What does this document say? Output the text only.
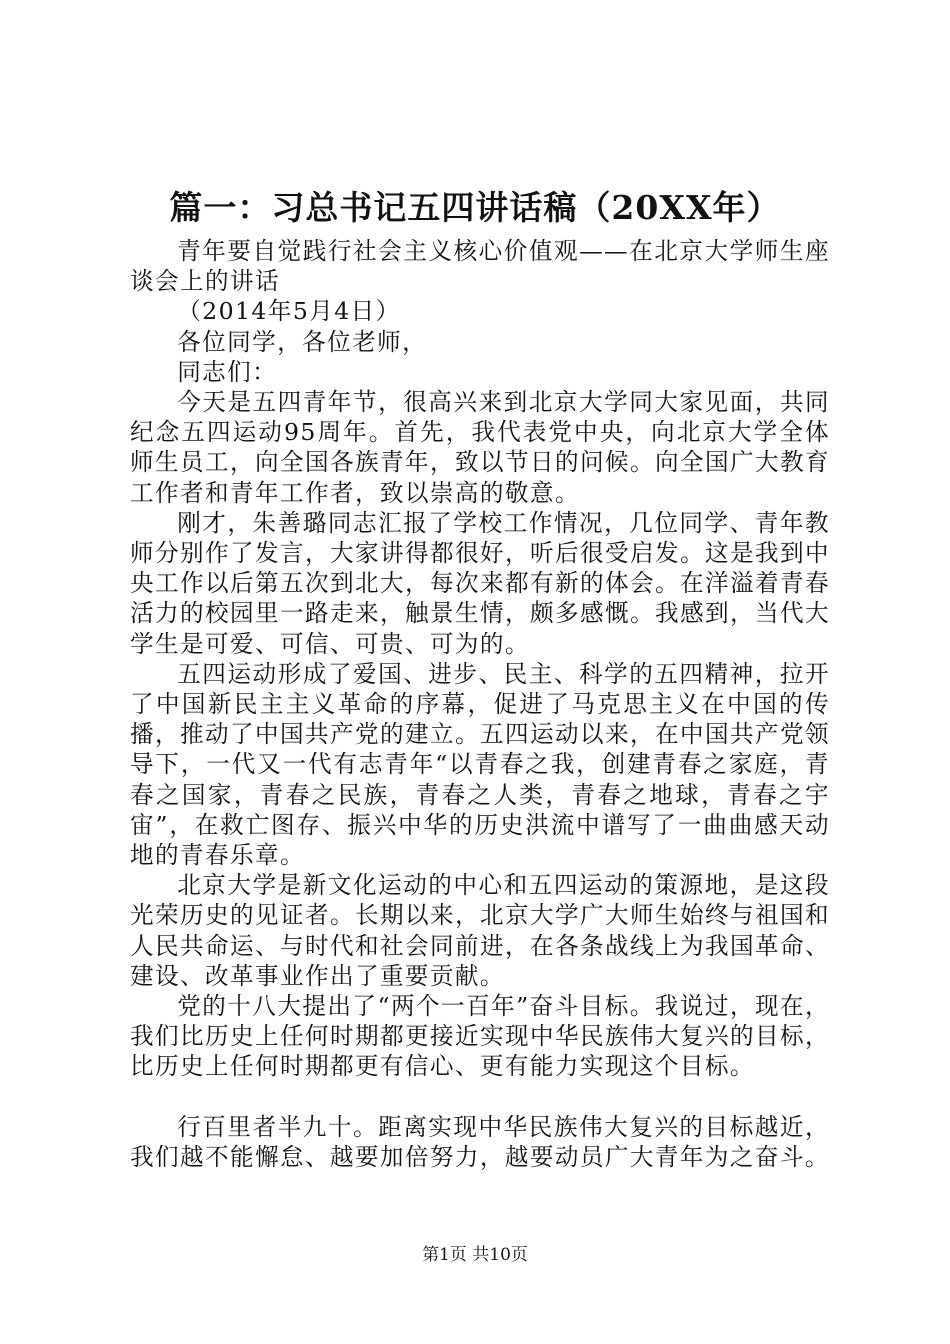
篇一：习总书记五四讲话稿（20XX年）

青年要自觉践行社会主义核心价值观——在北京大学师生座谈会上的讲话

（2014年5月4日）

各位同学，各位老师，

同志们：

今天是五四青年节，很高兴来到北京大学同大家见面，共同纪念五四运动95周年。首先，我代表党中央，向北京大学全体师生员工，向全国各族青年，致以节日的问候。向全国广大教育工作者和青年工作者，致以崇高的敬意。

刚才，朱善璐同志汇报了学校工作情况，几位同学、青年教师分别作了发言，大家讲得都很好，听后很受启发。这是我到中央工作以后第五次到北大，每次来都有新的体会。在洋溢着青春活力的校园里一路走来，触景生情，颇多感慨。我感到，当代大学生是可爱、可信、可贵、可为的。

五四运动形成了爱国、进步、民主、科学的五四精神，拉开了中国新民主主义革命的序幕，促进了马克思主义在中国的传播，推动了中国共产党的建立。五四运动以来，在中国共产党领导下，一代又一代有志青年“以青春之我，创建青春之家庭，青春之国家，青春之民族，青春之人类，青春之地球，青春之宇宙”，在救亡图存、振兴中华的历史洪流中谱写了一曲曲感天动地的青春乐章。

北京大学是新文化运动的中心和五四运动的策源地，是这段光荣历史的见证者。长期以来，北京大学广大师生始终与祖国和人民共命运、与时代和社会同前进，在各条战线上为我国革命、建设、改革事业作出了重要贡献。

党的十八大提出了“两个一百年”奋斗目标。我说过，现在，我们比历史上任何时期都更接近实现中华民族伟大复兴的目标，比历史上任何时期都更有信心、更有能力实现这个目标。

行百里者半九十。距离实现中华民族伟大复兴的目标越近，我们越不能懈怠、越要加倍努力，越要动员广大青年为之奋斗。

第1页 共10页
